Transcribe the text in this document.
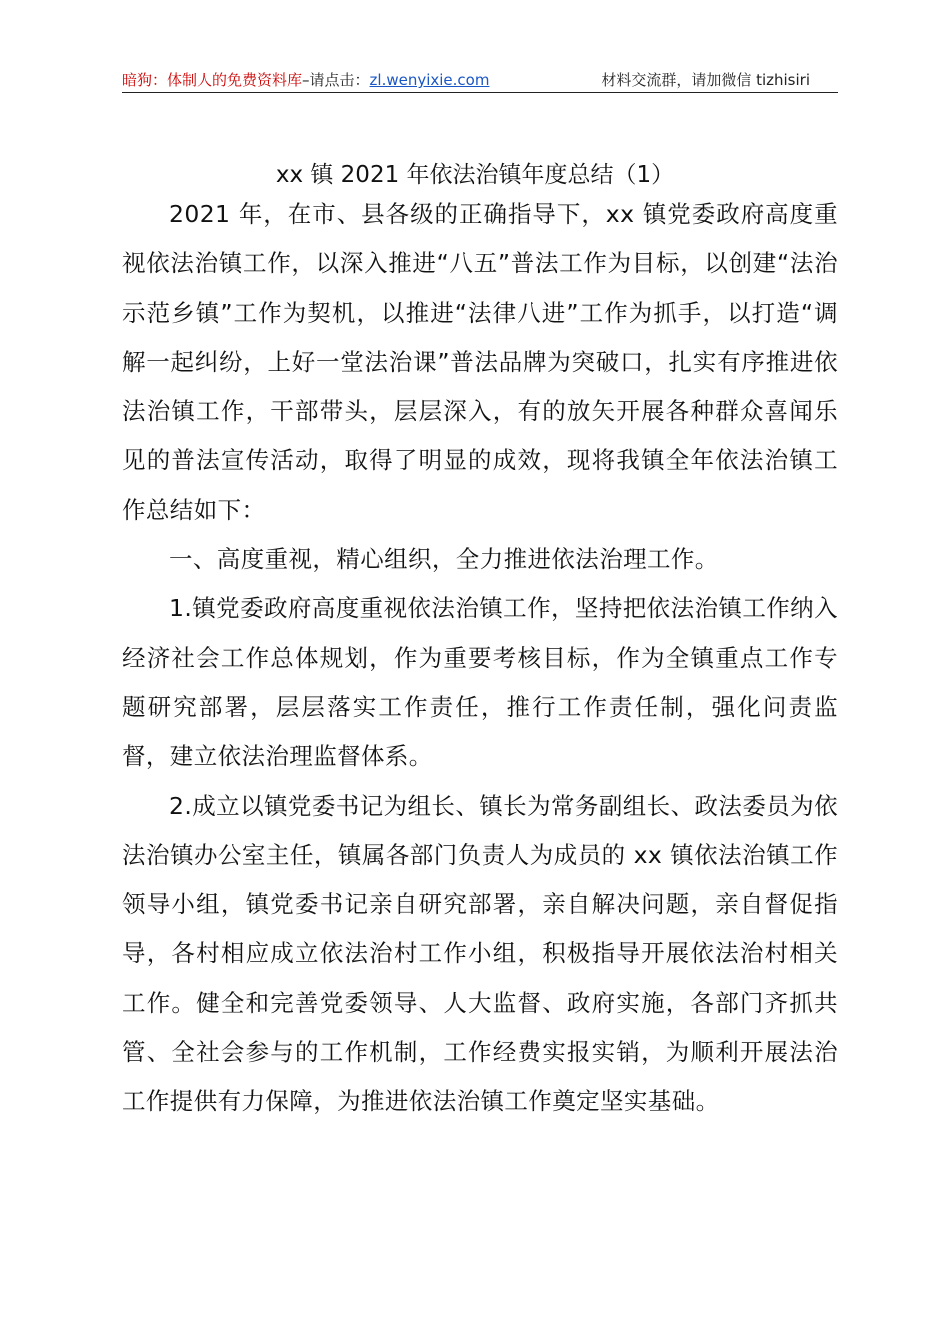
暗狗：体制人的免费资料库–请点击：zl.wenyixie.com	材料交流群，请加微信 tizhisiri
xx 镇 2021 年依法治镇年度总结（1）

2021 年，在市、县各级的正确指导下，xx 镇党委政府高度重视依法治镇工作，以深入推进“八五”普法工作为目标，以创建“法治示范乡镇”工作为契机，以推进“法律八进”工作为抓手，以打造“调解一起纠纷，上好一堂法治课”普法品牌为突破口，扎实有序推进依法治镇工作，干部带头，层层深入，有的放矢开展各种群众喜闻乐见的普法宣传活动，取得了明显的成效，现将我镇全年依法治镇工作总结如下：

一、高度重视，精心组织，全力推进依法治理工作。

1.镇党委政府高度重视依法治镇工作，坚持把依法治镇工作纳入经济社会工作总体规划，作为重要考核目标，作为全镇重点工作专题研究部署，层层落实工作责任，推行工作责任制，强化问责监督，建立依法治理监督体系。

2.成立以镇党委书记为组长、镇长为常务副组长、政法委员为依法治镇办公室主任，镇属各部门负责人为成员的 xx 镇依法治镇工作领导小组，镇党委书记亲自研究部署，亲自解决问题，亲自督促指导，各村相应成立依法治村工作小组，积极指导开展依法治村相关工作。健全和完善党委领导、人大监督、政府实施，各部门齐抓共管、全社会参与的工作机制，工作经费实报实销，为顺利开展法治工作提供有力保障，为推进依法治镇工作奠定坚实基础。
